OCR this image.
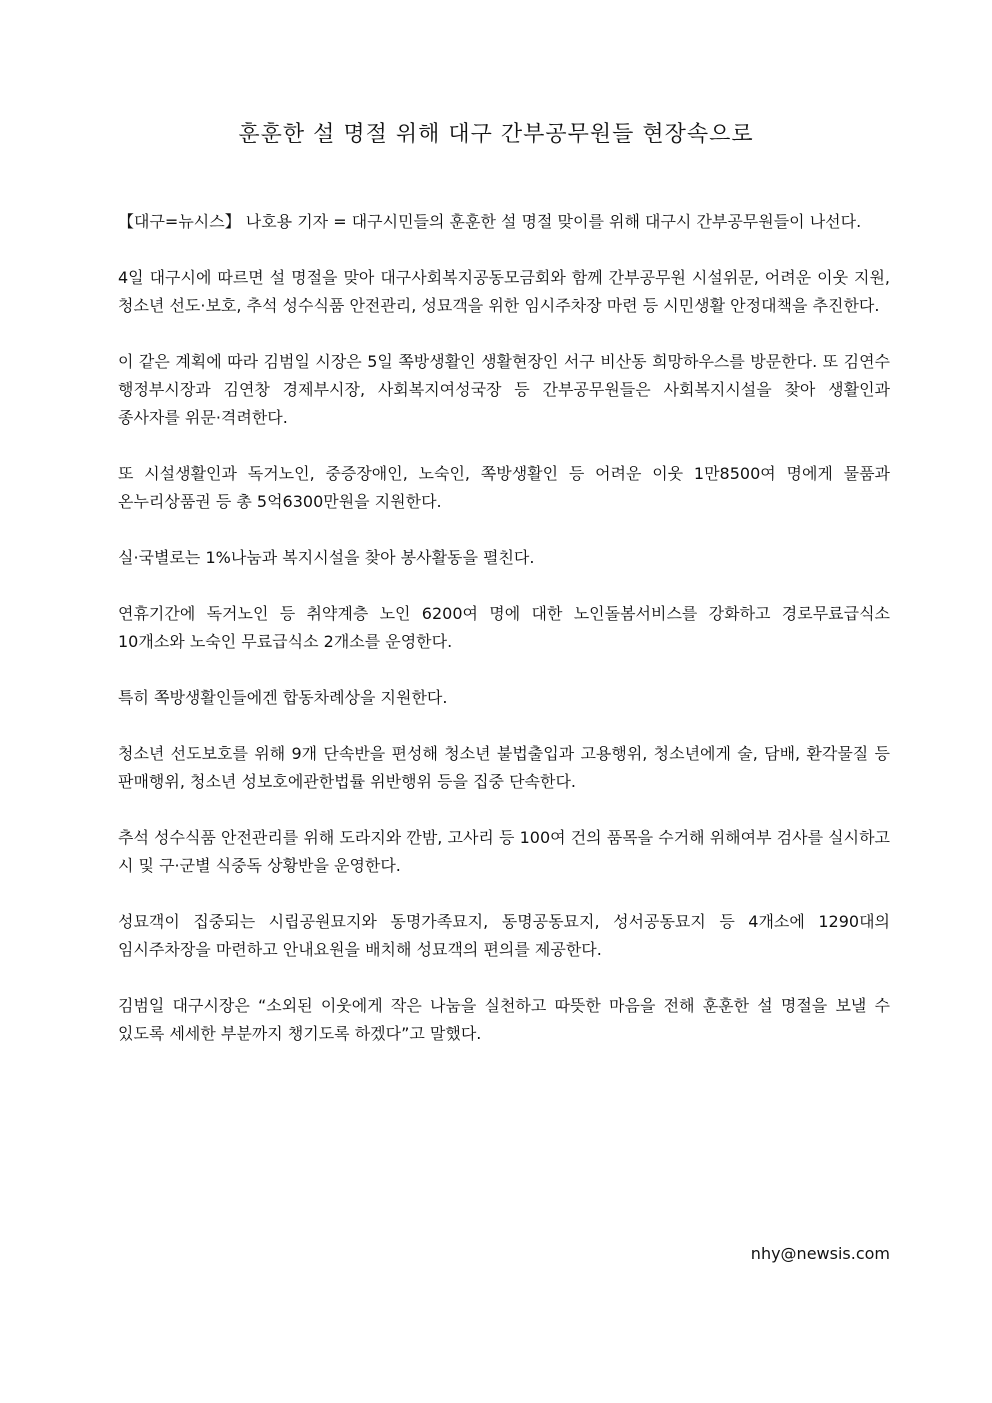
훈훈한 설 명절 위해 대구 간부공무원들 현장속으로

【대구=뉴시스】 나호용 기자 = 대구시민들의 훈훈한 설 명절 맞이를 위해 대구시 간부공무원들이 나선다.

4일 대구시에 따르면 설 명절을 맞아 대구사회복지공동모금회와 함께 간부공무원 시설위문, 어려운 이웃 지원, 청소년 선도·보호, 추석 성수식품 안전관리, 성묘객을 위한 임시주차장 마련 등 시민생활 안정대책을 추진한다.

이 같은 계획에 따라 김범일 시장은 5일 쪽방생활인 생활현장인 서구 비산동 희망하우스를 방문한다. 또 김연수 행정부시장과 김연창 경제부시장, 사회복지여성국장 등 간부공무원들은 사회복지시설을 찾아 생활인과 종사자를 위문·격려한다.

또 시설생활인과 독거노인, 중증장애인, 노숙인, 쪽방생활인 등 어려운 이웃 1만8500여 명에게 물품과 온누리상품권 등 총 5억6300만원을 지원한다.

실·국별로는 1%나눔과 복지시설을 찾아 봉사활동을 펼친다.

연휴기간에 독거노인 등 취약계층 노인 6200여 명에 대한 노인돌봄서비스를 강화하고 경로무료급식소 10개소와 노숙인 무료급식소 2개소를 운영한다.

특히 쪽방생활인들에겐 합동차례상을 지원한다.

청소년 선도보호를 위해 9개 단속반을 편성해 청소년 불법출입과 고용행위, 청소년에게 술, 담배, 환각물질 등 판매행위, 청소년 성보호에관한법률 위반행위 등을 집중 단속한다.

추석 성수식품 안전관리를 위해 도라지와 깐밤, 고사리 등 100여 건의 품목을 수거해 위해여부 검사를 실시하고 시 및 구·군별 식중독 상황반을 운영한다.

성묘객이 집중되는 시립공원묘지와 동명가족묘지, 동명공동묘지, 성서공동묘지 등 4개소에 1290대의 임시주차장을 마련하고 안내요원을 배치해 성묘객의 편의를 제공한다.

김범일 대구시장은 “소외된 이웃에게 작은 나눔을 실천하고 따뜻한 마음을 전해 훈훈한 설 명절을 보낼 수 있도록 세세한 부분까지 챙기도록 하겠다”고 말했다.

nhy@newsis.com
